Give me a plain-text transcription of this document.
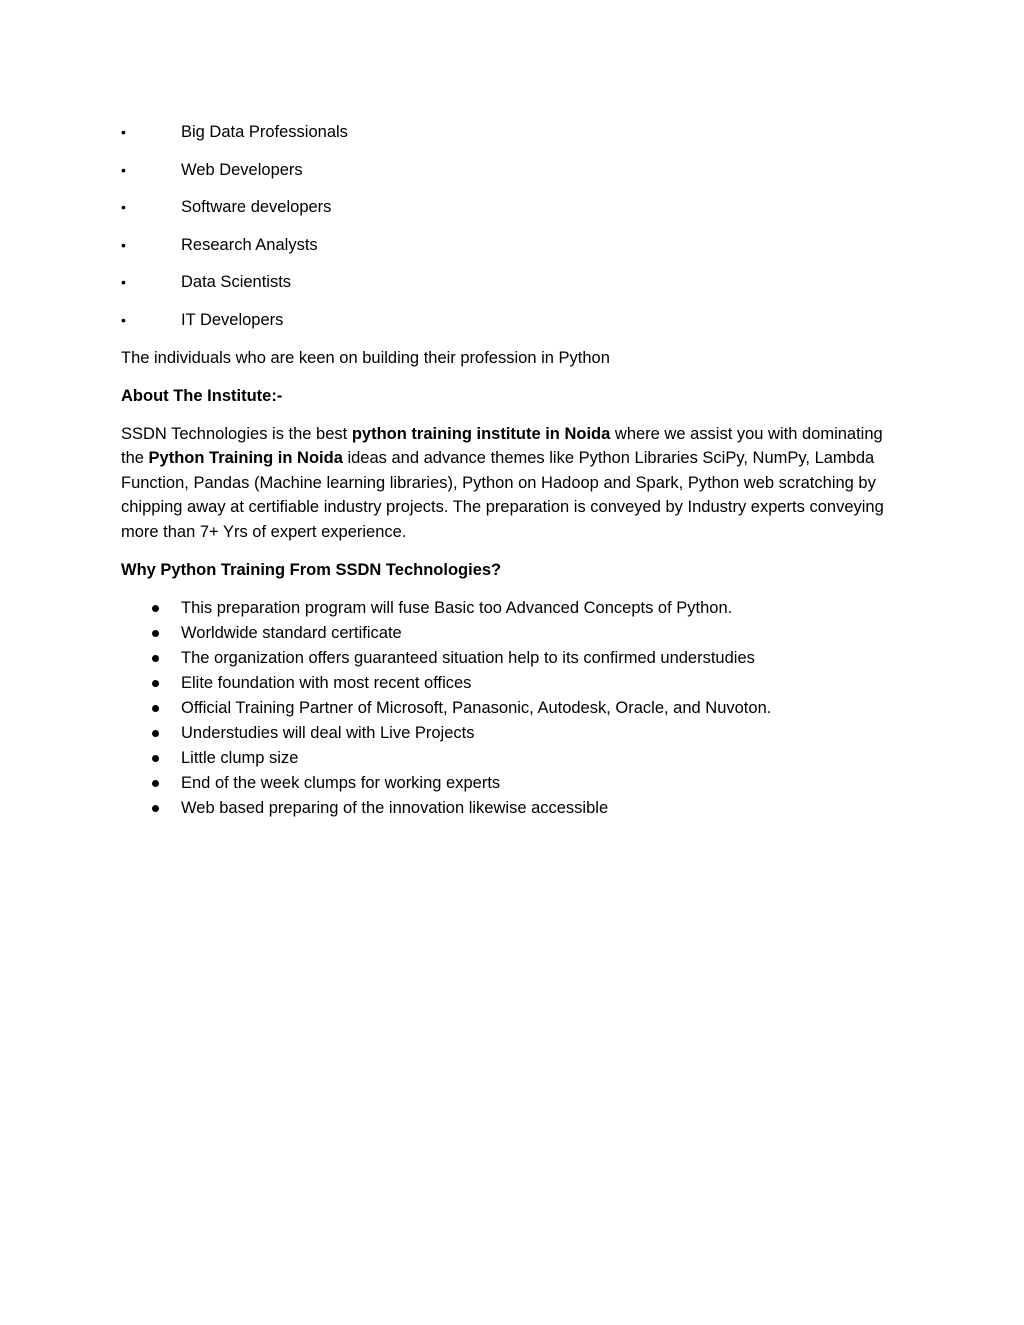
•	Big Data Professionals
•	Web Developers
•	Software developers
•	Research Analysts
•	Data Scientists
•	IT Developers

The individuals who are keen on building their profession in Python

About The Institute:-

SSDN Technologies is the best python training institute in Noida where we assist you with dominating the Python Training in Noida ideas and advance themes like Python Libraries SciPy, NumPy, Lambda Function, Pandas (Machine learning libraries), Python on Hadoop and Spark, Python web scratching by chipping away at certifiable industry projects. The preparation is conveyed by Industry experts conveying more than 7+ Yrs of expert experience.

Why Python Training From SSDN Technologies?

This preparation program will fuse Basic too Advanced Concepts of Python.
Worldwide standard certificate
The organization offers guaranteed situation help to its confirmed understudies
Elite foundation with most recent offices
Official Training Partner of Microsoft, Panasonic, Autodesk, Oracle, and Nuvoton.
Understudies will deal with Live Projects
Little clump size
End of the week clumps for working experts
Web based preparing of the innovation likewise accessible
